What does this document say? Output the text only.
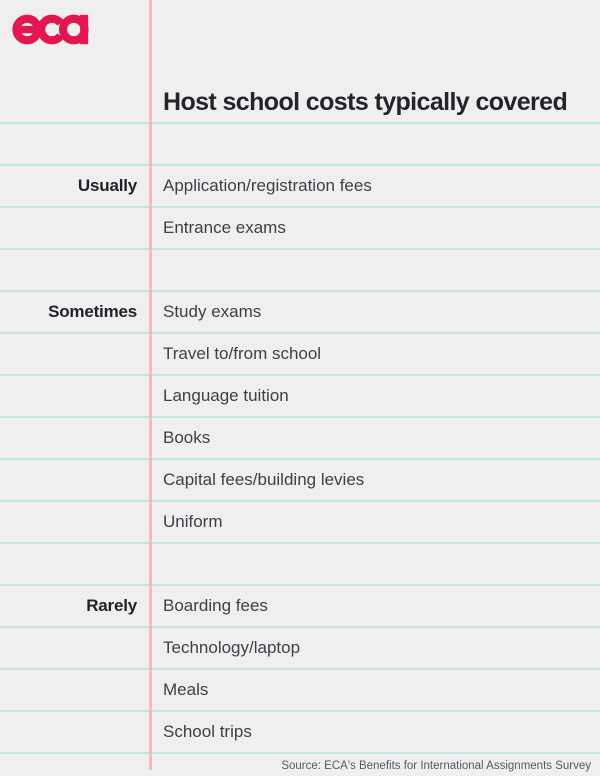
Host school costs typically covered
Usually	Application/registration fees
Entrance exams
Sometimes	Study exams
Travel to/from school
Language tuition
Books
Capital fees/building levies
Uniform
Rarely	Boarding fees
Technology/laptop
Meals
School trips
Source: ECA's Benefits for International Assignments Survey
